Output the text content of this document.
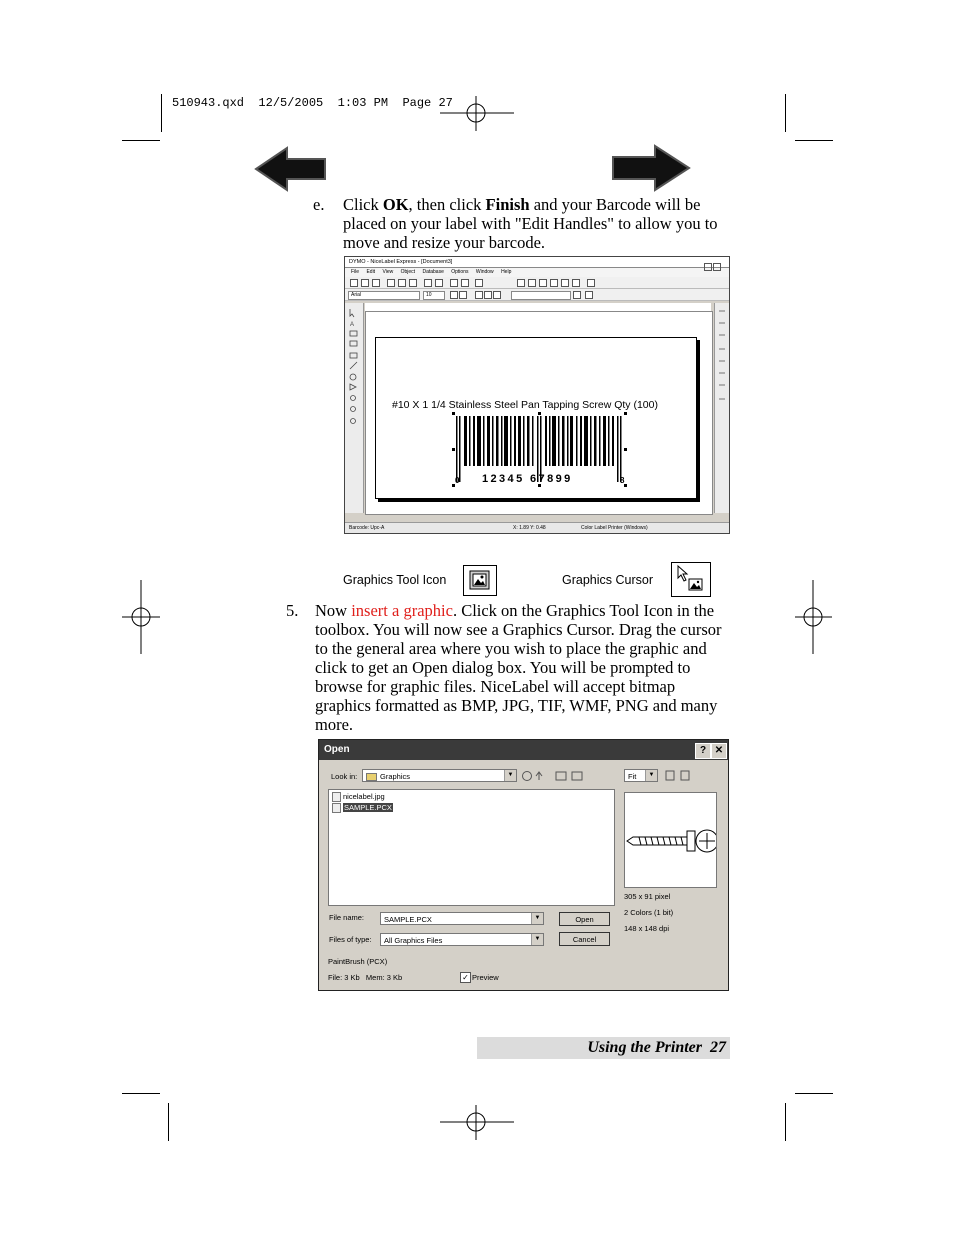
510943.qxd  12/5/2005  1:03 PM  Page 27
e. Click OK, then click Finish and your Barcode will be placed on your label with "Edit Handles" to allow you to move and resize your barcode.
DYMO - NiceLabel Express - [Document3]
File Edit View Object Database Options Window Help
Arial	10
A
#10 X 1 1/4 Stainless Steel Pan Tapping Screw Qty (100)
0 12345 67899	8
Barcode: Upc-A	X: 1.89 Y: 0.48	Color Label Printer (Windows)
Graphics Tool Icon	Graphics Cursor
5. Now insert a graphic. Click on the Graphics Tool Icon in the toolbox. You will now see a Graphics Cursor. Drag the cursor to the general area where you wish to place the graphic and click to get an Open dialog box. You will be prompted to browse for graphic files. NiceLabel will accept bitmap graphics formatted as BMP, JPG, TIF, WMF, PNG and many more.
Open	? ✕
Look in:	Graphics	▼
nicelabel.jpg
SAMPLE.PCX
Fit	▼
305 x 91 pixel
2 Colors (1 bit)
148 x 148 dpi
File name:	SAMPLE.PCX	▼	Open
Files of type:	All Graphics Files	▼	Cancel
PaintBrush (PCX)
File: 3 Kb   Mem: 3 Kb	✓ Preview
Using the Printer 27
